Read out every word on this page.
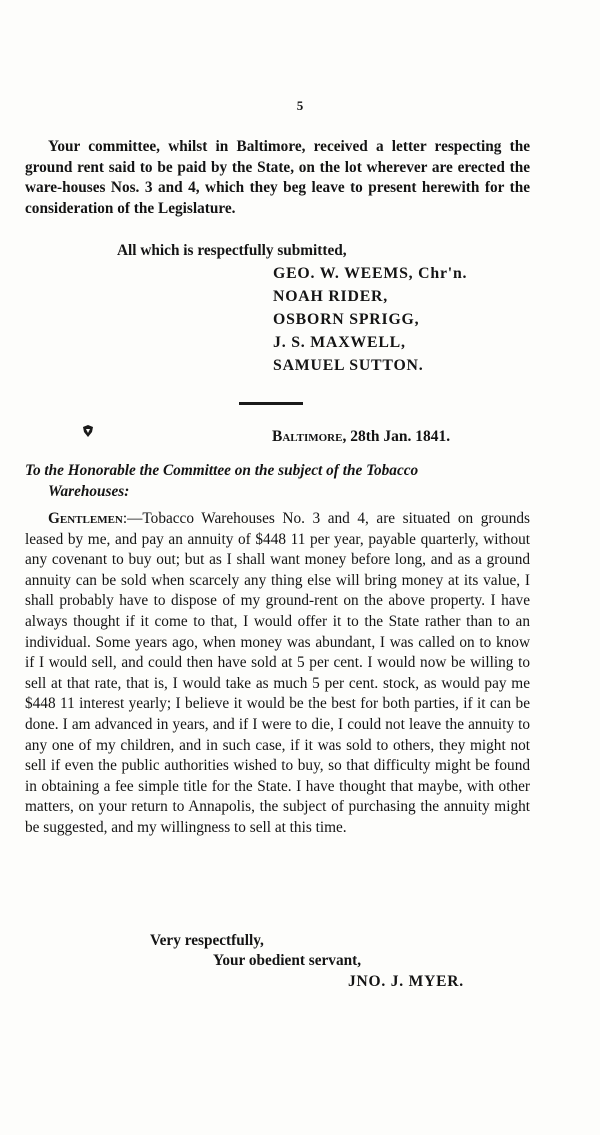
5

Your committee, whilst in Baltimore, received a letter respecting the ground rent said to be paid by the State, on the lot wherever are erected the ware-houses Nos. 3 and 4, which they beg leave to present herewith for the consideration of the Legislature.

All which is respectfully submitted,
GEO. W. WEEMS, Chr'n.
NOAH RIDER,
OSBORN SPRIGG,
J. S. MAXWELL,
SAMUEL SUTTON.
Baltimore, 28th Jan. 1841.
To the Honorable the Committee on the subject of the Tobacco
Warehouses:

Gentlemen:—Tobacco Warehouses No. 3 and 4, are situated on grounds leased by me, and pay an annuity of $448 11 per year, payable quarterly, without any covenant to buy out; but as I shall want money before long, and as a ground annuity can be sold when scarcely any thing else will bring money at its value, I shall probably have to dispose of my ground-rent on the above property. I have always thought if it come to that, I would offer it to the State rather than to an individual. Some years ago, when money was abundant, I was called on to know if I would sell, and could then have sold at 5 per cent. I would now be willing to sell at that rate, that is, I would take as much 5 per cent. stock, as would pay me $448 11 interest yearly; I believe it would be the best for both parties, if it can be done. I am advanced in years, and if I were to die, I could not leave the annuity to any one of my children, and in such case, if it was sold to others, they might not sell if even the public authorities wished to buy, so that difficulty might be found in obtaining a fee simple title for the State. I have thought that maybe, with other matters, on your return to Annapolis, the subject of purchasing the annuity might be suggested, and my willingness to sell at this time.

Very respectfully,
Your obedient servant,
JNO. J. MYER.
